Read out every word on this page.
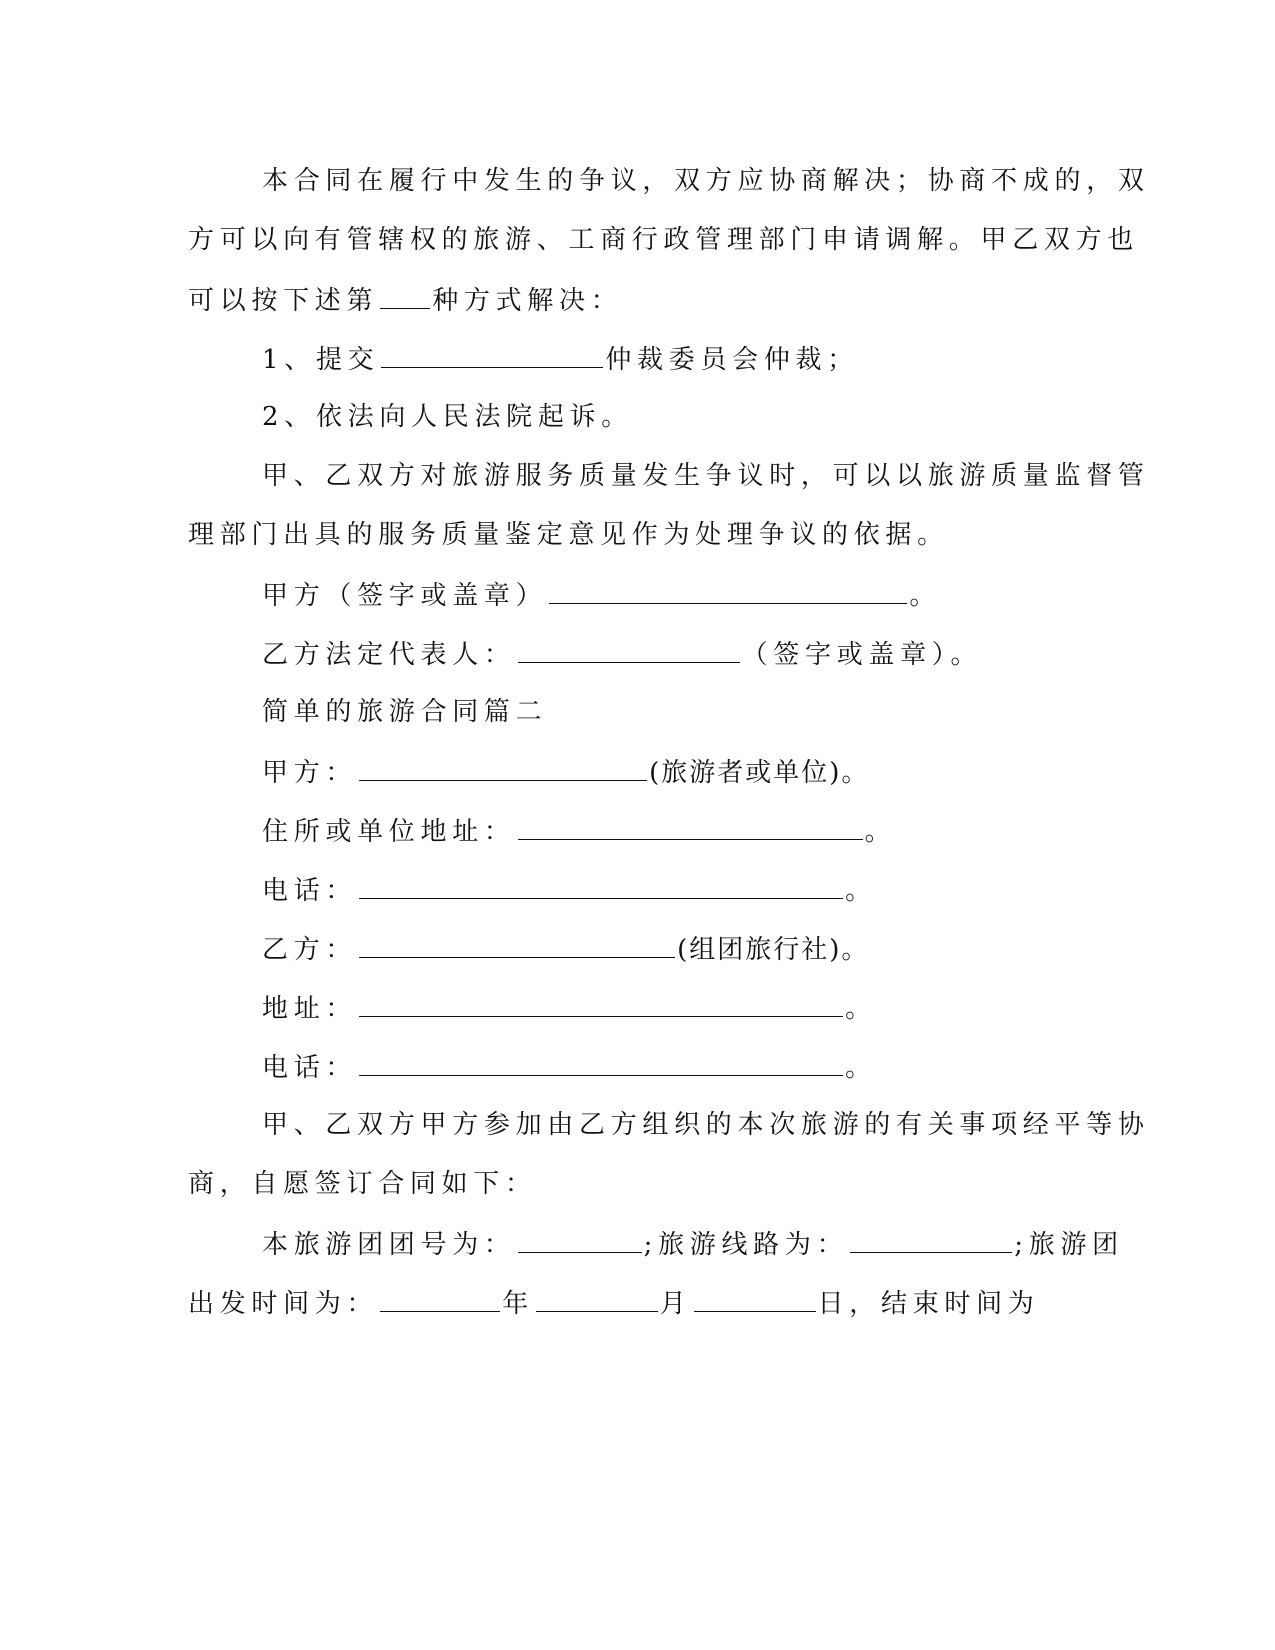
本合同在履行中发生的争议，双方应协商解决；协商不成的，双
方可以向有管辖权的旅游、工商行政管理部门申请调解。甲乙双方也
可以按下述第 种方式解决：
1、提交	仲裁委员会仲裁；
2、依法向人民法院起诉。
甲、乙双方对旅游服务质量发生争议时，可以以旅游质量监督管
理部门出具的服务质量鉴定意见作为处理争议的依据。
甲方（签字或盖章）	。
乙方法定代表人：	（签字或盖章）。
简单的旅游合同篇二
甲方：	(旅游者或单位)。
住所或单位地址：	。
电话：	。
乙方：	(组团旅行社)。
地址：	。
电话：	。
甲、乙双方甲方参加由乙方组织的本次旅游的有关事项经平等协
商，自愿签订合同如下：
本旅游团团号为：	;旅游线路为：	;旅游团
出发时间为：	年	月	日，结束时间为
